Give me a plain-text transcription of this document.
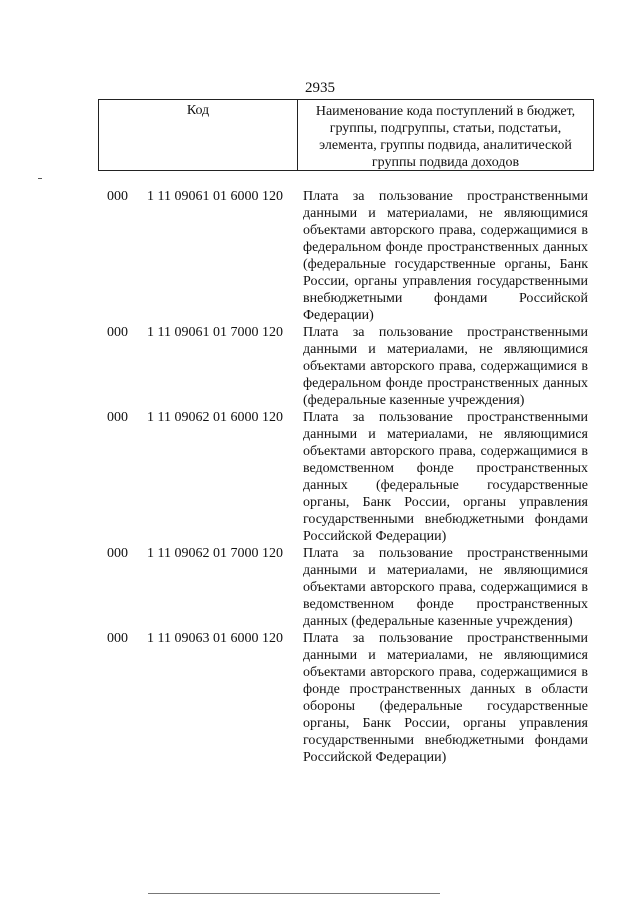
2935
Код	Наименование кода поступлений в бюджет, группы, подгруппы, статьи, подстатьи, элемента, группы подвида, аналитической группы подвида доходов
000 1 11 09061 01 6000 120 Плата за пользование пространственными данными и материалами, не являющимися объектами авторского права, содержащимися в федеральном фонде пространственных данных (федеральные государственные органы, Банк России, органы управления государственными внебюджетными фондами Российской Федерации)
000 1 11 09061 01 7000 120 Плата за пользование пространственными данными и материалами, не являющимися объектами авторского права, содержащимися в федеральном фонде пространственных данных (федеральные казенные учреждения)
000 1 11 09062 01 6000 120 Плата за пользование пространственными данными и материалами, не являющимися объектами авторского права, содержащимися в ведомственном фонде пространственных данных (федеральные государственные органы, Банк России, органы управления государственными внебюджетными фондами Российской Федерации)
000 1 11 09062 01 7000 120 Плата за пользование пространственными данными и материалами, не являющимися объектами авторского права, содержащимися в ведомственном фонде пространственных данных (федеральные казенные учреждения)
000 1 11 09063 01 6000 120 Плата за пользование пространственными данными и материалами, не являющимися объектами авторского права, содержащимися в фонде пространственных данных в области обороны (федеральные государственные органы, Банк России, органы управления государственными внебюджетными фондами Российской Федерации)
